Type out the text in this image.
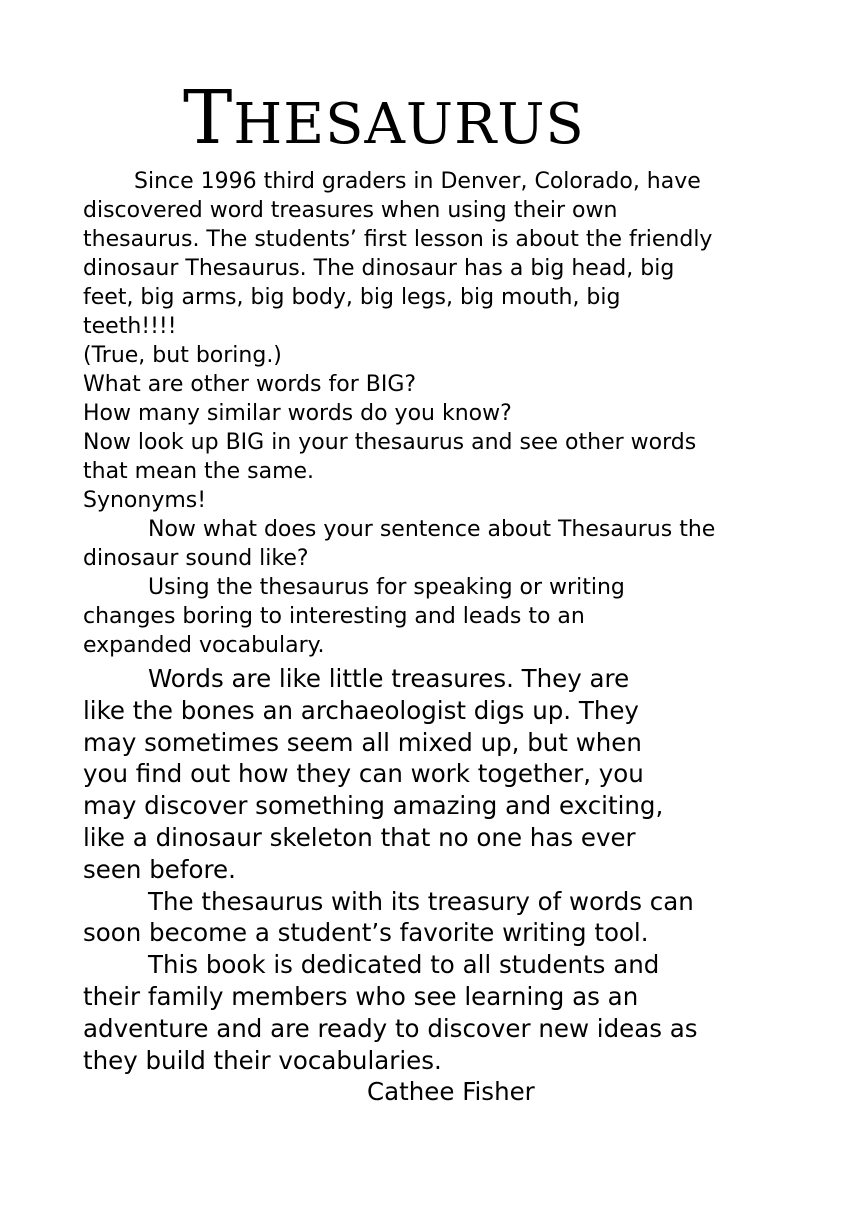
THESAURUS
Since 1996 third graders in Denver, Colorado, have
discovered word treasures when using their own
thesaurus. The students’ first lesson is about the friendly
dinosaur Thesaurus. The dinosaur has a big head, big
feet, big arms, big body, big legs, big mouth, big
teeth!!!!
(True, but boring.)
What are other words for BIG?
How many similar words do you know?
Now look up BIG in your thesaurus and see other words
that mean the same.
Synonyms!
Now what does your sentence about Thesaurus the
dinosaur sound like?
Using the thesaurus for speaking or writing
changes boring to interesting and leads to an
expanded vocabulary.
Words are like little treasures. They are
like the bones an archaeologist digs up. They
may sometimes seem all mixed up, but when
you find out how they can work together, you
may discover something amazing and exciting,
like a dinosaur skeleton that no one has ever
seen before.
The thesaurus with its treasury of words can
soon become a student’s favorite writing tool.
This book is dedicated to all students and
their family members who see learning as an
adventure and are ready to discover new ideas as
they build their vocabularies.
Cathee Fisher
